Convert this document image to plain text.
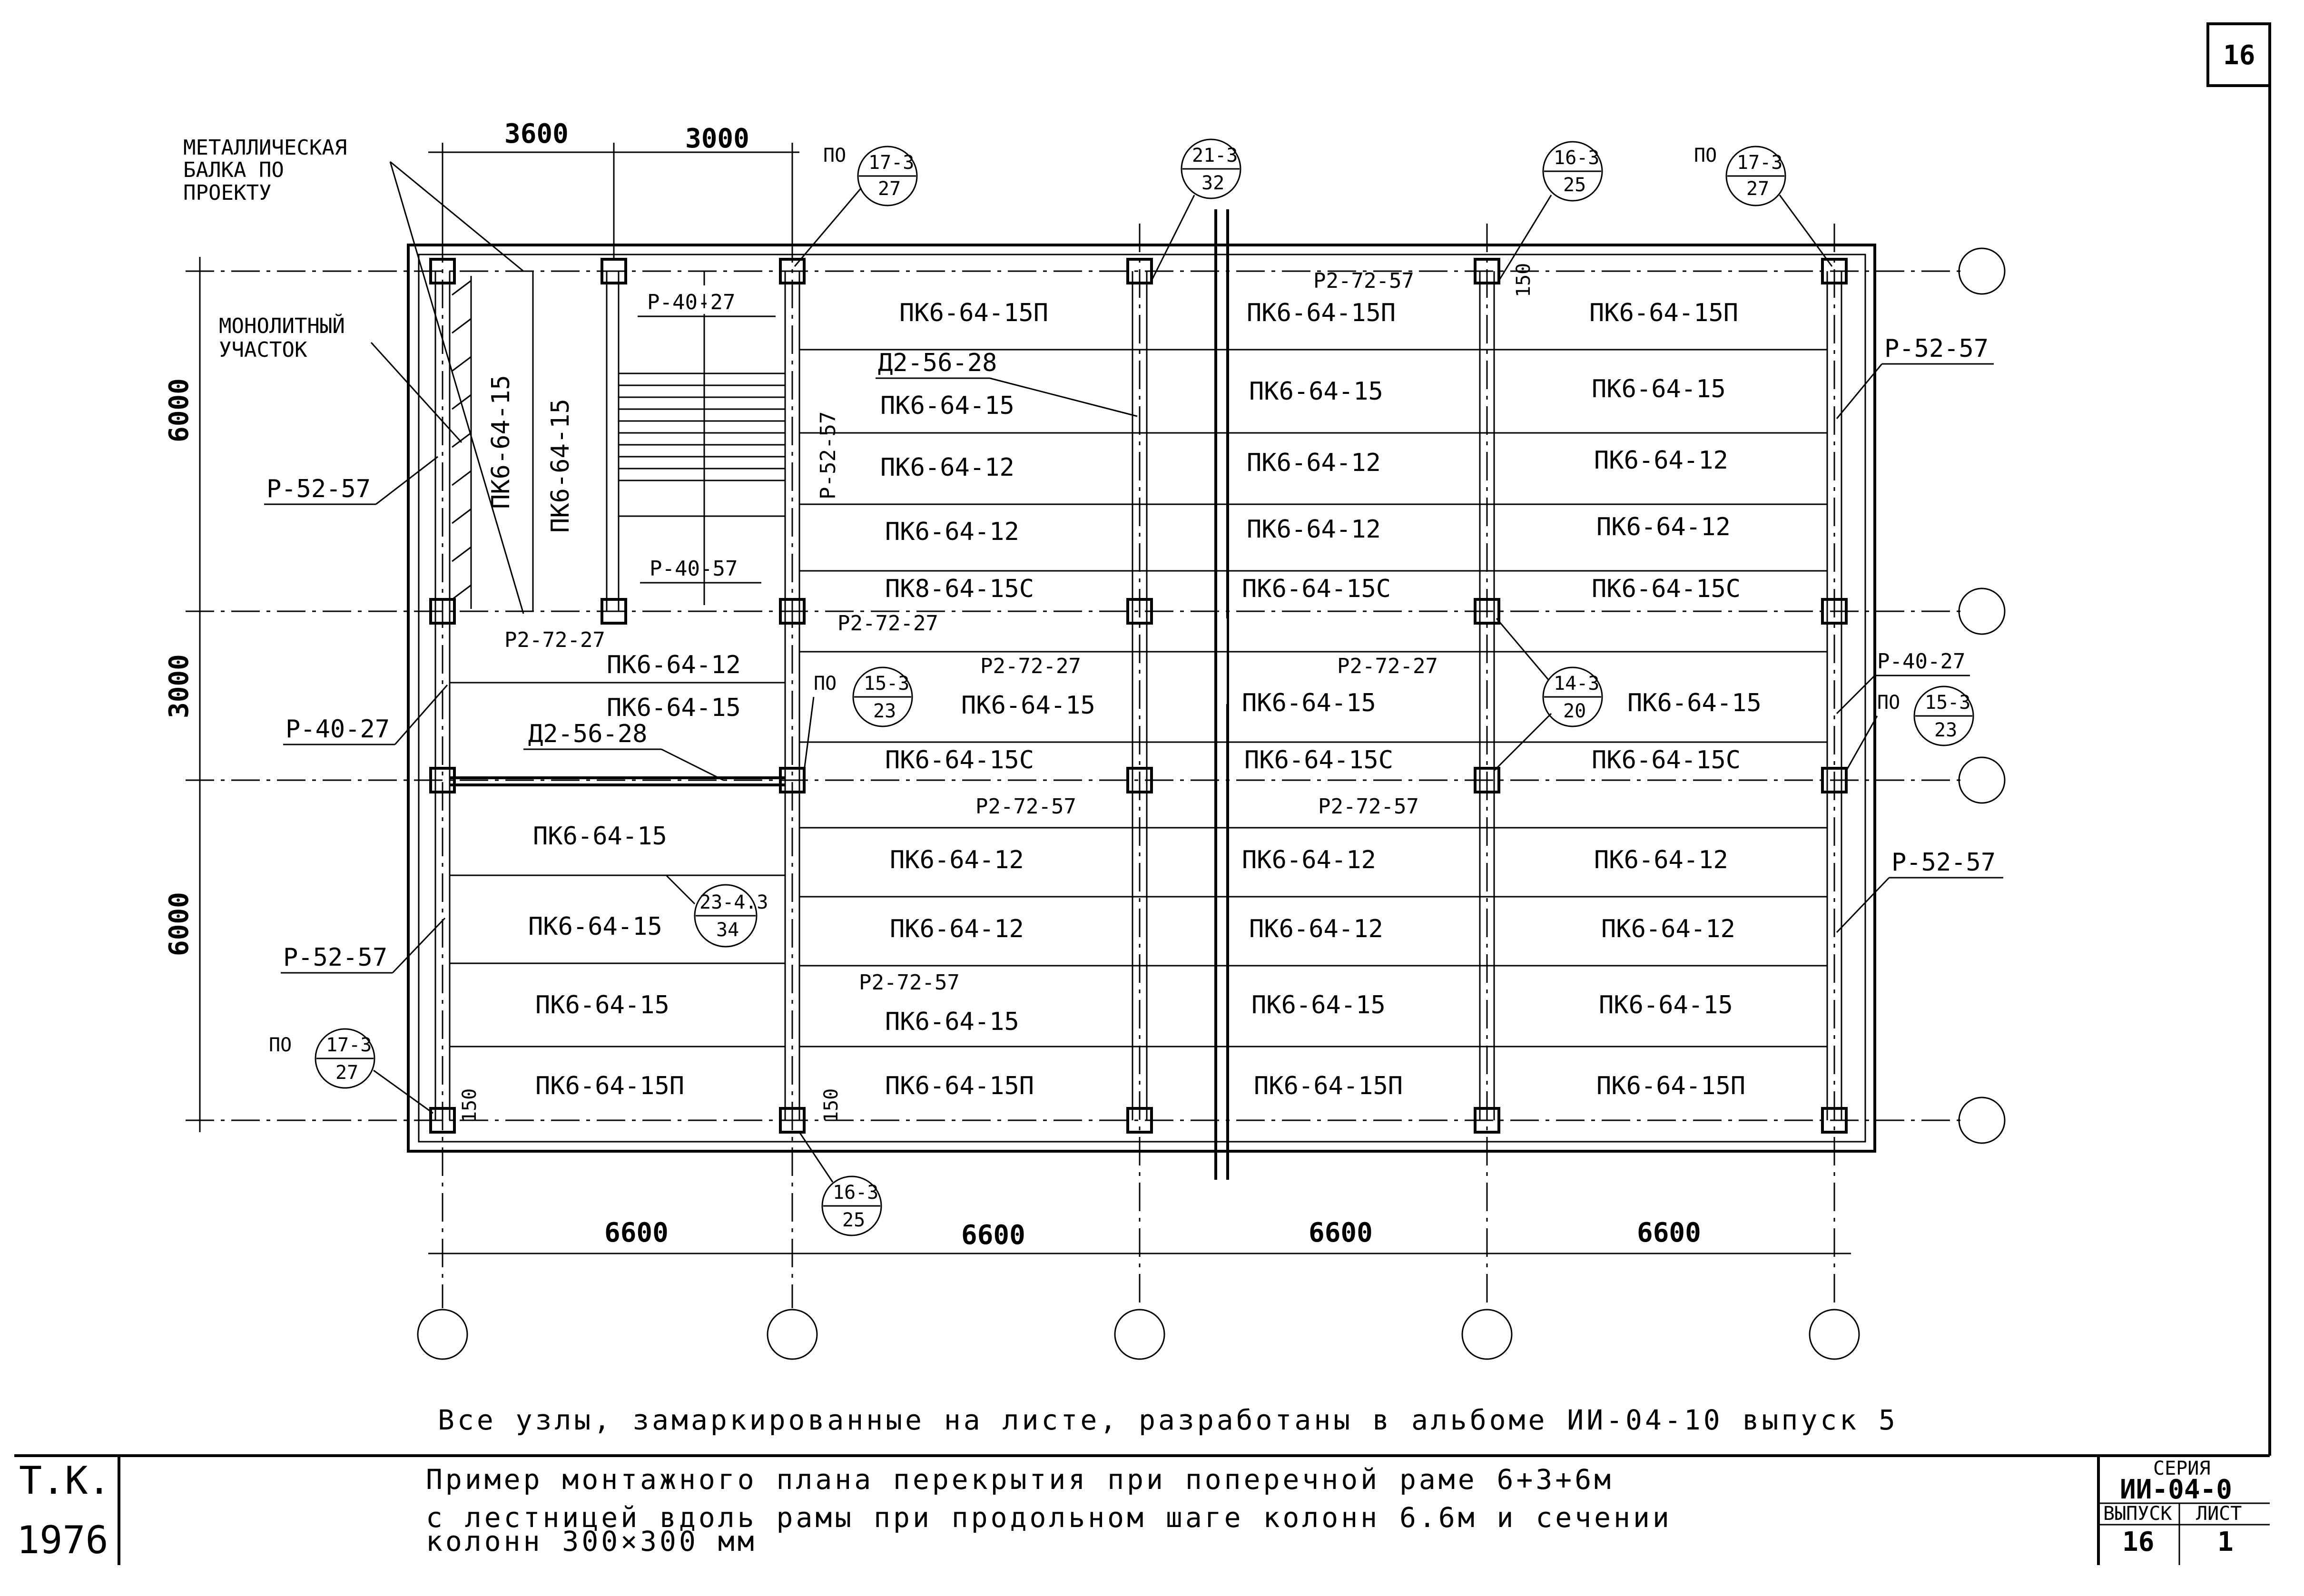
16
3600	3000
6600	6600	6600	6600
6000
3000
6000
МЕТАЛЛИЧЕСКАЯ
БАЛКА ПО
ПРОЕКТУ
МОНОЛИТНЫЙ
УЧАСТОК
Р-52-57
Р-40-27
Р-52-57
Р-52-57
Р-40-27
Р-52-57
Р-40-27
Р-40-57
Р-52-57
Р2-72-27
Р2-72-27
Р2-72-27	Р2-72-27
Р2-72-57
Р2-72-57	Р2-72-57
Р2-72-57
Д2-56-28
Д2-56-28
ПК6-64-15 ПК6-64-15
ПК6-64-12
ПК6-64-15
ПК6-64-15
ПК6-64-15
ПК6-64-15
ПК6-64-15П
ПК6-64-15П
ПК6-64-15
ПК6-64-12
ПК6-64-12
ПК8-64-15С
ПК6-64-15
ПК6-64-15С
ПК6-64-12
ПК6-64-12
ПК6-64-15
ПК6-64-15П
ПК6-64-15П
ПК6-64-15
ПК6-64-12
ПК6-64-12
ПК6-64-15С
ПК6-64-15
ПК6-64-15С
ПК6-64-12
ПК6-64-12
ПК6-64-15
ПК6-64-15П
ПК6-64-15П
ПК6-64-15
ПК6-64-12
ПК6-64-12
ПК6-64-15С
ПК6-64-15
ПК6-64-15С
ПК6-64-12
ПК6-64-12
ПК6-64-15
ПК6-64-15П
ПО 17-3
27
21-3
32
16-3
25
ПО 17-3
27
ПО 15-3
23
14-3
20	ПО 15-3
23
23-4.3
34
ПО 17-3
27
16-3
25
150
150	150
Все узлы, замаркированные на листе, разработаны в альбоме ИИ-04-10 выпуск 5
Т.К.
1976
Пример монтажного плана перекрытия при поперечной раме 6+3+6м
с лестницей вдоль рамы при продольном шаге колонн 6.6м и сечении
колонн 300×300 мм
СЕРИЯ
ИИ-04-0
ВЫПУСК
16
ЛИСТ
1
